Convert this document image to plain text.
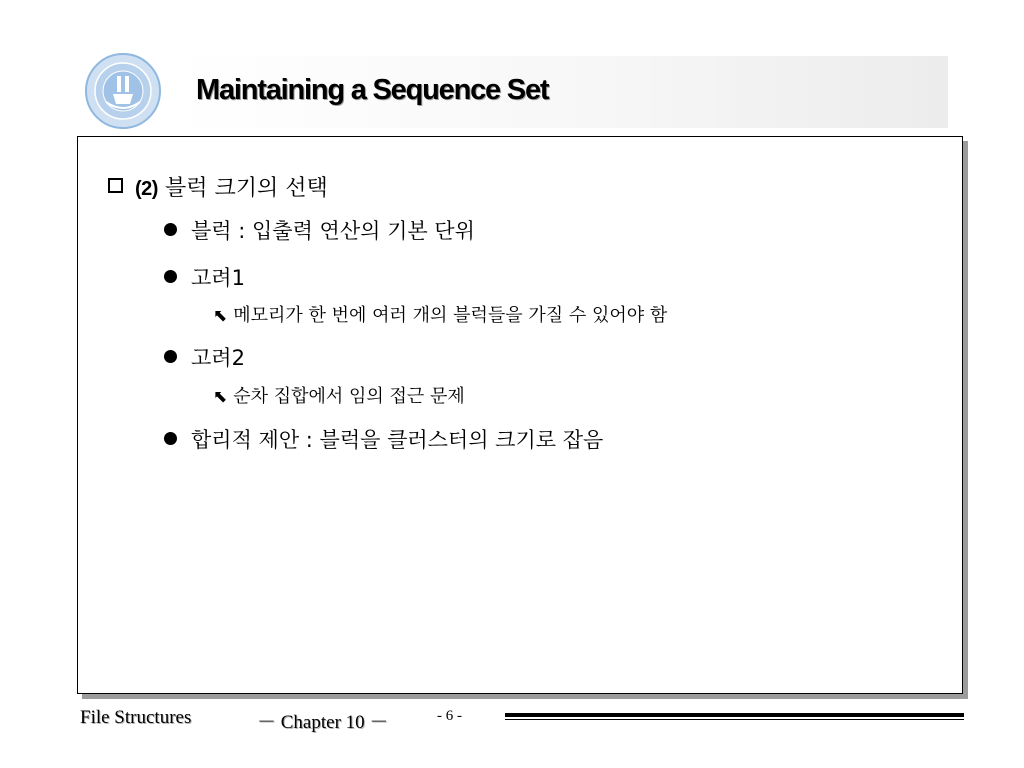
Maintaining a Sequence Set
(2) 블럭 크기의 선택
블럭 : 입출력 연산의 기본 단위
고려1
⬉ 메모리가 한 번에 여러 개의 블럭들을 가질 수 있어야 함
고려2
⬉ 순차 집합에서 임의 접근 문제
합리적 제안 : 블럭을 클러스터의 크기로 잡음
File Structures	－ Chapter 10 －	- 6 -
